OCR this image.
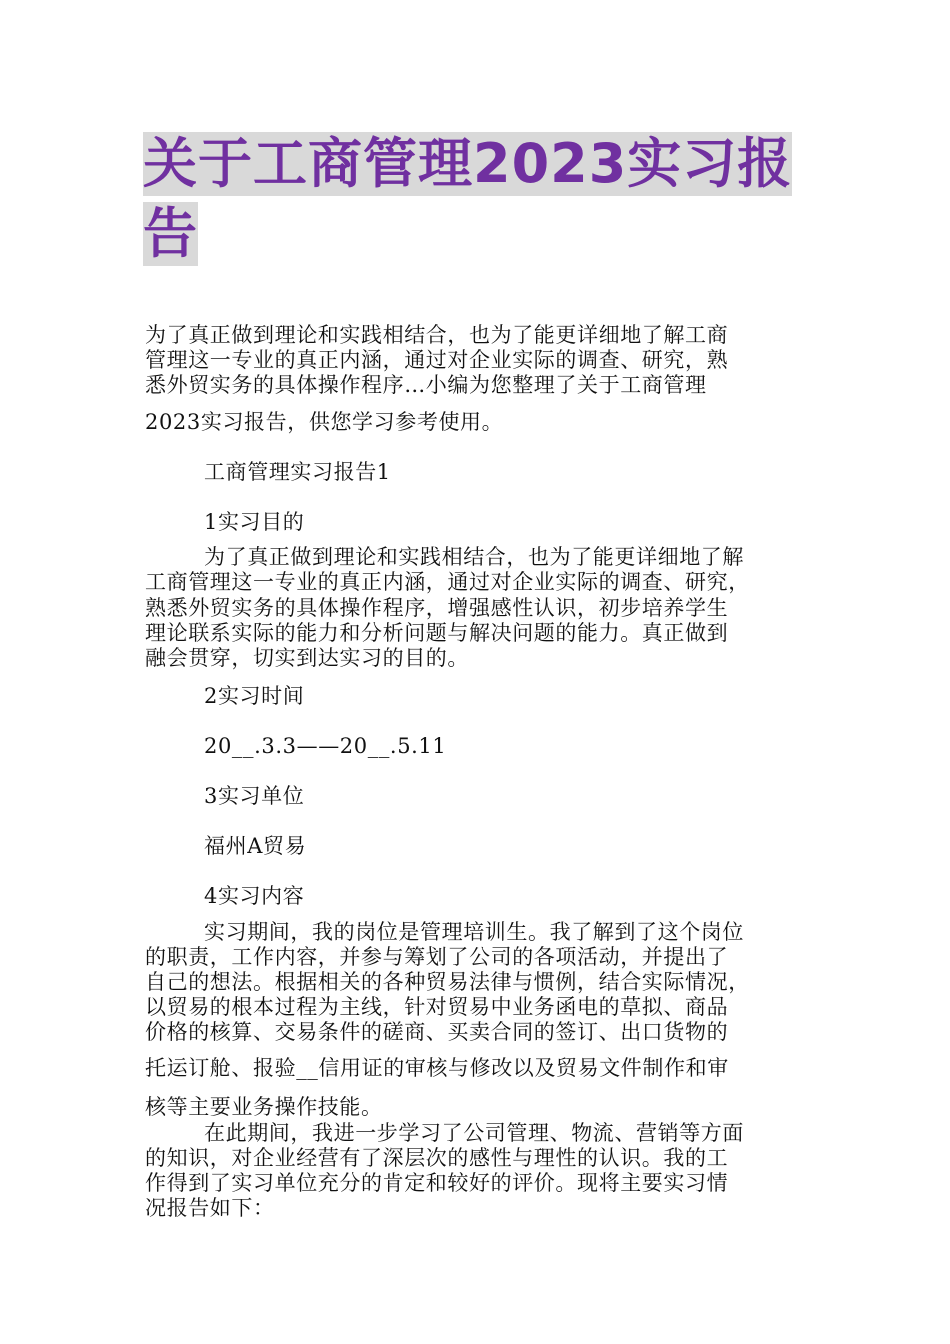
关于工商管理2023实习报
告
为了真正做到理论和实践相结合，也为了能更详细地了解工商
管理这一专业的真正内涵，通过对企业实际的调查、研究，熟
悉外贸实务的具体操作程序…小编为您整理了关于工商管理
2023实习报告，供您学习参考使用。
工商管理实习报告1
1实习目的
为了真正做到理论和实践相结合，也为了能更详细地了解
工商管理这一专业的真正内涵，通过对企业实际的调查、研究，
熟悉外贸实务的具体操作程序，增强感性认识，初步培养学生
理论联系实际的能力和分析问题与解决问题的能力。真正做到
融会贯穿，切实到达实习的目的。
2实习时间
20__.3.3——20__.5.11
3实习单位
福州A贸易
4实习内容
实习期间，我的岗位是管理培训生。我了解到了这个岗位
的职责，工作内容，并参与筹划了公司的各项活动，并提出了
自己的想法。根据相关的各种贸易法律与惯例，结合实际情况，
以贸易的根本过程为主线，针对贸易中业务函电的草拟、商品
价格的核算、交易条件的磋商、买卖合同的签订、出口货物的
托运订舱、报验__信用证的审核与修改以及贸易文件制作和审
核等主要业务操作技能。
在此期间，我进一步学习了公司管理、物流、营销等方面
的知识，对企业经营有了深层次的感性与理性的认识。我的工
作得到了实习单位充分的肯定和较好的评价。现将主要实习情
况报告如下：
